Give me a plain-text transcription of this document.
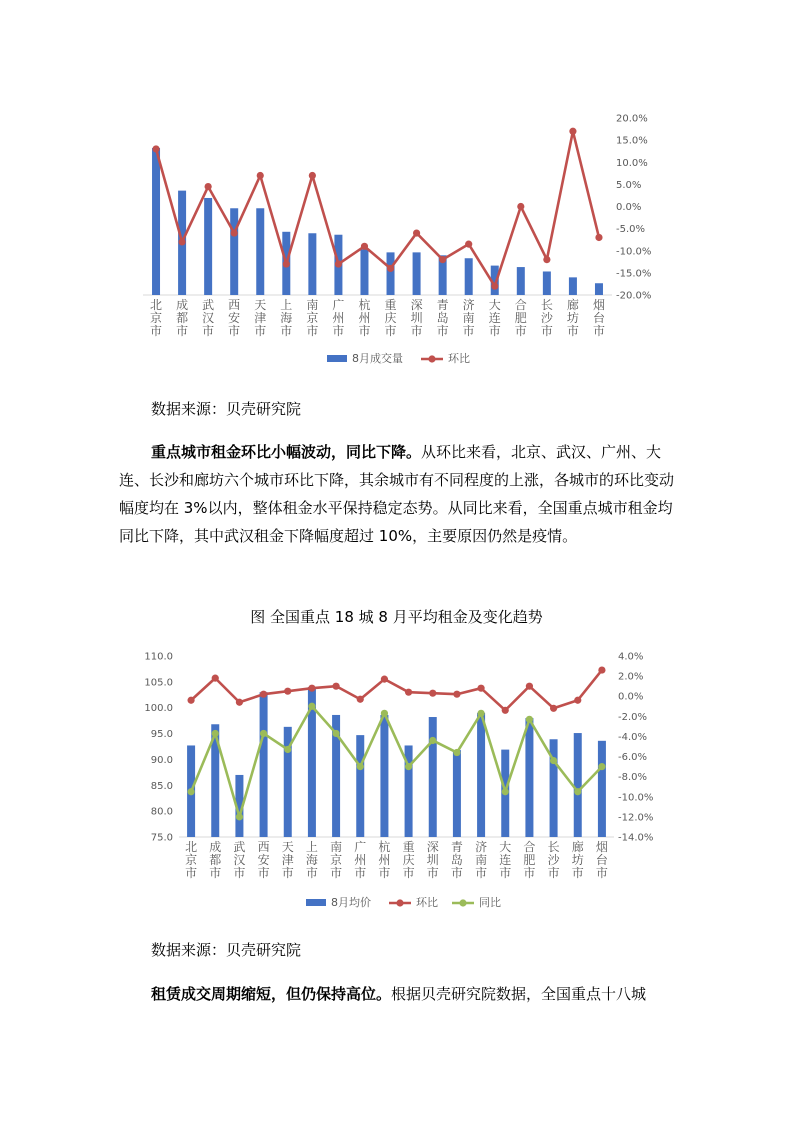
20.0%
15.0%
10.0%
5.0%
0.0%
-5.0%
-10.0%
-15.0%
-20.0%
北京市
成都市
武汉市
西安市
天津市
上海市
南京市
广州市
杭州市
重庆市
深圳市
青岛市
济南市
大连市
合肥市
长沙市
廊坊市
烟台市
8月成交量	环比

数据来源：贝壳研究院

重点城市租金环比小幅波动，同比下降。从环比来看，北京、武汉、广州、大连、长沙和廊坊六个城市环比下降，其余城市有不同程度的上涨，各城市的环比变动幅度均在 3%以内，整体租金水平保持稳定态势。从同比来看，全国重点城市租金均同比下降，其中武汉租金下降幅度超过 10%，主要原因仍然是疫情。

图 全国重点 18 城 8 月平均租金及变化趋势

110.0
105.0
100.0
95.0
90.0
85.0
80.0
75.0
4.0%
2.0%
0.0%
-2.0%
-4.0%
-6.0%
-8.0%
-10.0%
-12.0%
-14.0%
北京市
成都市
武汉市
西安市
天津市
上海市
南京市
广州市
杭州市
重庆市
深圳市
青岛市
济南市
大连市
合肥市
长沙市
廊坊市
烟台市
8月均价	环比	同比

数据来源：贝壳研究院

租赁成交周期缩短，但仍保持高位。根据贝壳研究院数据，全国重点十八城
